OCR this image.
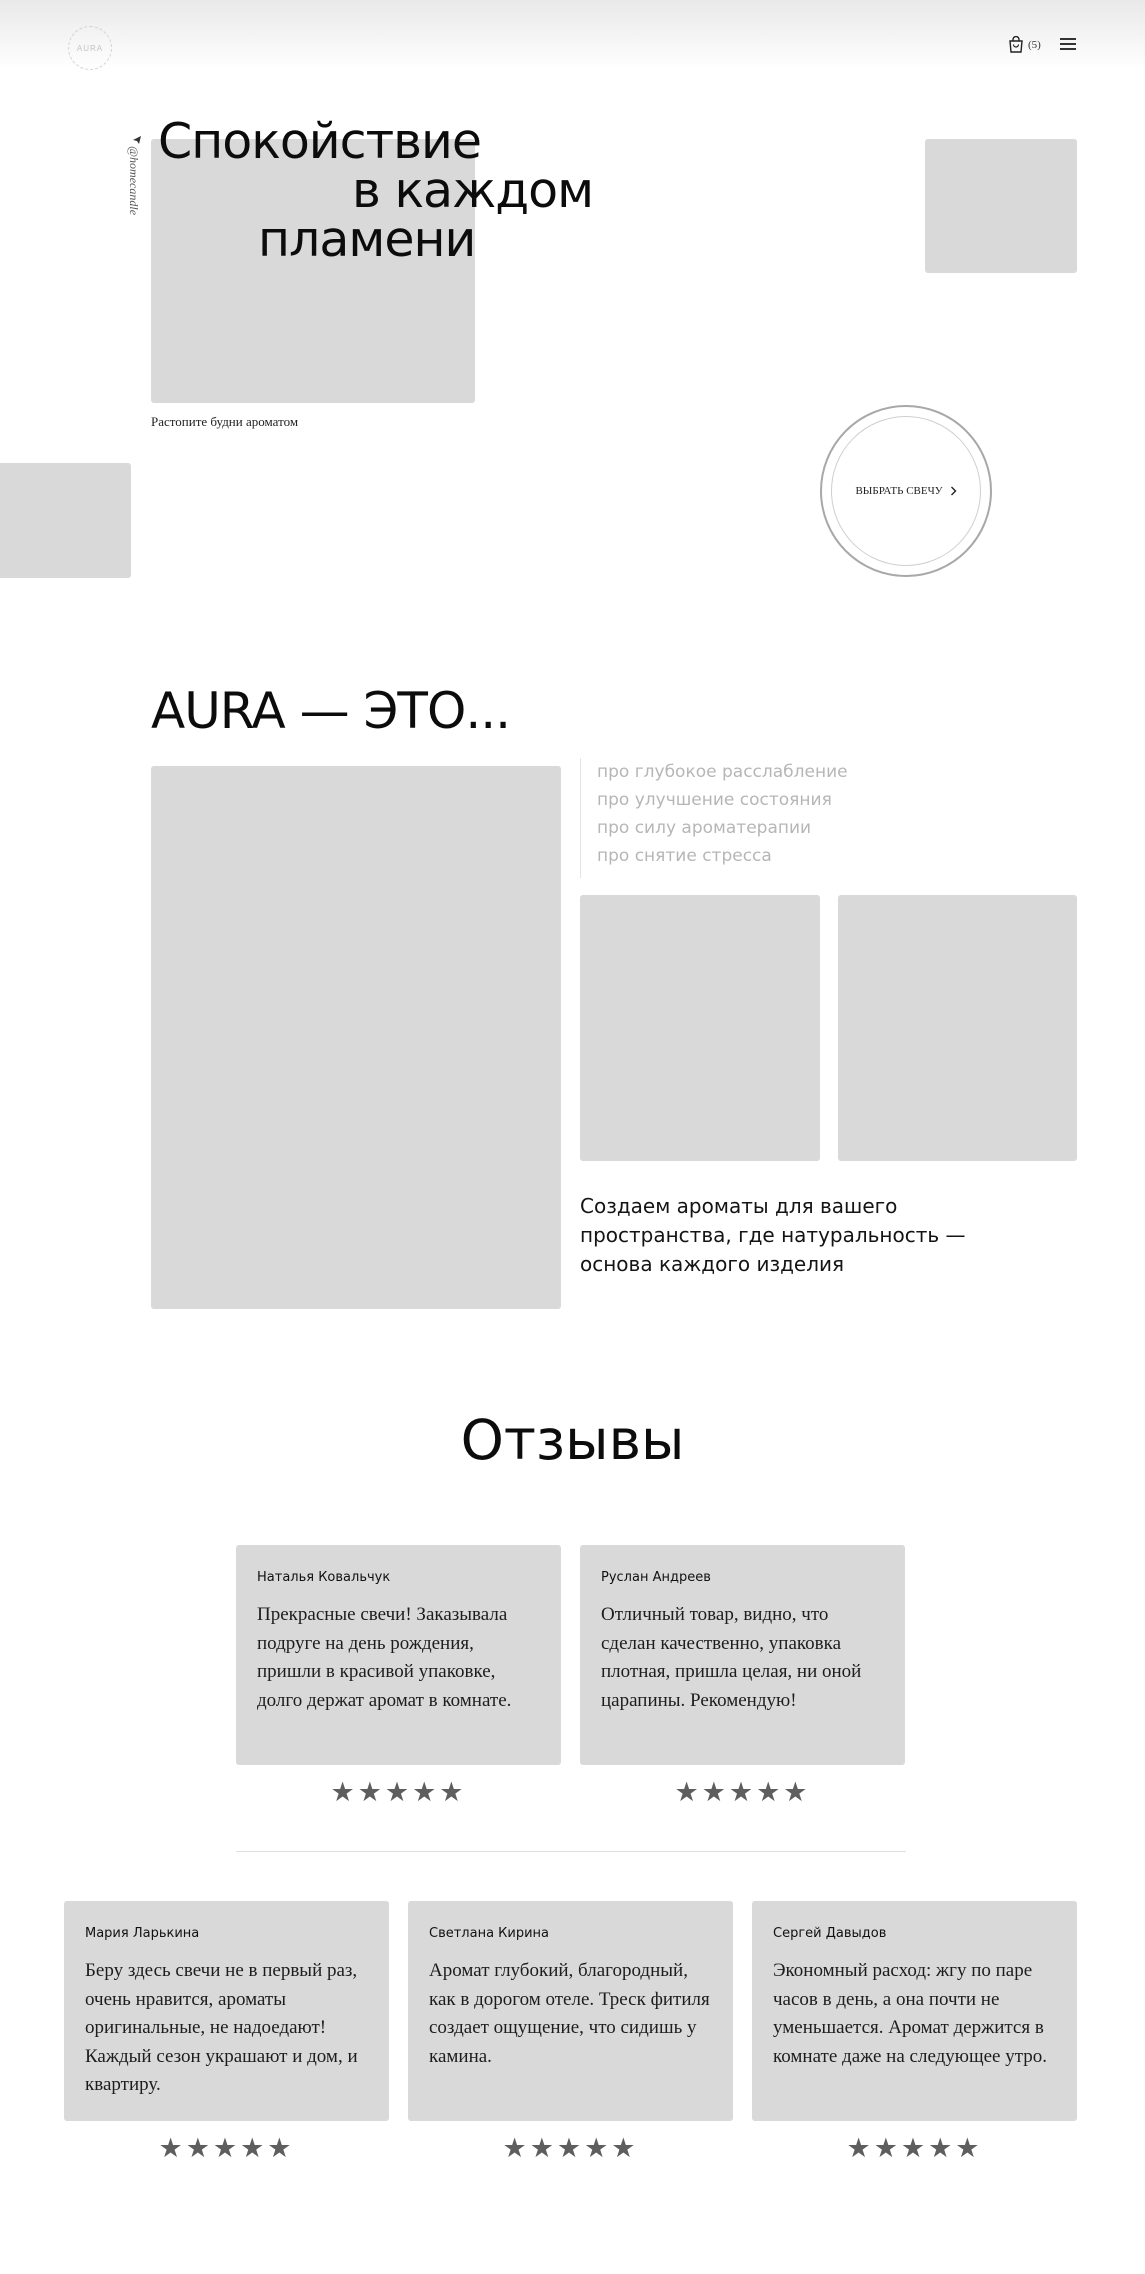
AURA	(5)
@homecandle
Спокойствие
в каждом
пламени
Растопите будни ароматом
ВЫБРАТЬ СВЕЧУ
AURA — ЭТО...
про глубокое расслабление
про улучшение состояния
про силу ароматерапии
про снятие стресса
Создаем ароматы для вашего пространства, где натуральность — основа каждого изделия
Отзывы
Наталья Ковальчук
Прекрасные свечи! Заказывала подруге на день рождения, пришли в красивой упаковке, долго держат аромат в комнате.
★★★★★
Руслан Андреев
Отличный товар, видно, что сделан качественно, упаковка плотная, пришла целая, ни оной царапины. Рекомендую!
★★★★★
Мария Ларькина
Беру здесь свечи не в первый раз, очень нравится, ароматы оригинальные, не надоедают! Каждый сезон украшают и дом, и квартиру.
★★★★★
Светлана Кирина
Аромат глубокий, благородный, как в дорогом отеле. Треск фитиля создает ощущение, что сидишь у камина.
★★★★★
Сергей Давыдов
Экономный расход: жгу по паре часов в день, а она почти не уменьшается. Аромат держится в комнате даже на следующее утро.
★★★★★
